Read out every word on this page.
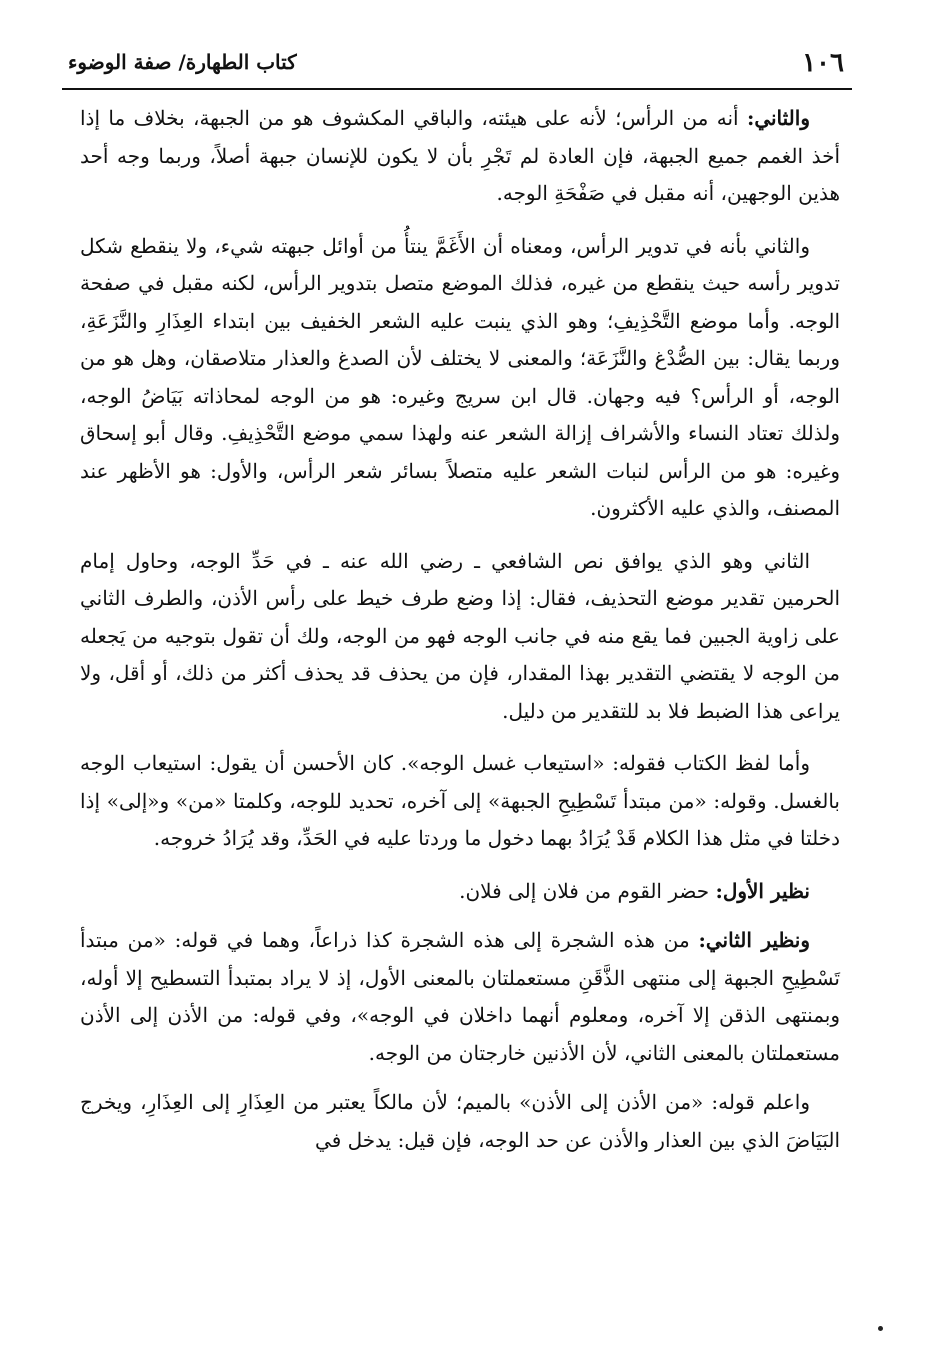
١٠٦
كتاب الطهارة/ صفة الوضوء

والثاني: أنه من الرأس؛ لأنه على هيئته، والباقي المكشوف هو من الجبهة، بخلاف ما إذا أخذ الغمم جميع الجبهة، فإن العادة لم تَجْرِ بأن لا يكون للإنسان جبهة أصلاً، وربما وجه أحد هذين الوجهين، أنه مقبل في صَفْحَةِ الوجه.

والثاني بأنه في تدوير الرأس، ومعناه أن الأَغَمَّ ينتأُ من أوائل جبهته شيء، ولا ينقطع شكل تدوير رأسه حيث ينقطع من غيره، فذلك الموضع متصل بتدوير الرأس، لكنه مقبل في صفحة الوجه. وأما موضع التَّحْذِيفِ؛ وهو الذي ينبت عليه الشعر الخفيف بين ابتداء العِذَارِ والنَّزَعَةِ، وربما يقال: بين الصُّدْغ والنَّزَعَة؛ والمعنى لا يختلف لأن الصدغ والعذار متلاصقان، وهل هو من الوجه، أو الرأس؟ فيه وجهان. قال ابن سريج وغيره: هو من الوجه لمحاذاته بَيَاضُ الوجه، ولذلك تعتاد النساء والأشراف إزالة الشعر عنه ولهذا سمي موضع التَّحْذِيفِ. وقال أبو إسحاق وغيره: هو من الرأس لنبات الشعر عليه متصلاً بسائر شعر الرأس، والأول: هو الأظهر عند المصنف، والذي عليه الأكثرون.

الثاني وهو الذي يوافق نص الشافعي ـ رضي الله عنه ـ في حَدِّ الوجه، وحاول إمام الحرمين تقدير موضع التحذيف، فقال: إذا وضع طرف خيط على رأس الأذن، والطرف الثاني على زاوية الجبين فما يقع منه في جانب الوجه فهو من الوجه، ولك أن تقول بتوجيه من يَجعله من الوجه لا يقتضي التقدير بهذا المقدار، فإن من يحذف قد يحذف أكثر من ذلك، أو أقل، ولا يراعى هذا الضبط فلا بد للتقدير من دليل.

وأما لفظ الكتاب فقوله: «استيعاب غسل الوجه». كان الأحسن أن يقول: استيعاب الوجه بالغسل. وقوله: «من مبتدأ تَسْطِيحِ الجبهة» إلى آخره، تحديد للوجه، وكلمتا «من» و«إلى» إذا دخلتا في مثل هذا الكلام قَدْ يُرَادُ بهما دخول ما وردتا عليه في الحَدِّ، وقد يُرَادُ خروجه.

نظير الأول: حضر القوم من فلان إلى فلان.

ونظير الثاني: من هذه الشجرة إلى هذه الشجرة كذا ذراعاً، وهما في قوله: «من مبتدأ تَسْطِيحِ الجبهة إلى منتهى الذَّقَنِ مستعملتان بالمعنى الأول، إذ لا يراد بمتبدأ التسطيح إلا أوله، وبمنتهى الذقن إلا آخره، ومعلوم أنهما داخلان في الوجه»، وفي قوله: من الأذن إلى الأذن مستعملتان بالمعنى الثاني، لأن الأذنين خارجتان من الوجه.

واعلم قوله: «من الأذن إلى الأذن» بالميم؛ لأن مالكاً يعتبر من العِذَارِ إلى العِذَارِ، ويخرج البَيَاضَ الذي بين العذار والأذن عن حد الوجه، فإن قيل: يدخل في
